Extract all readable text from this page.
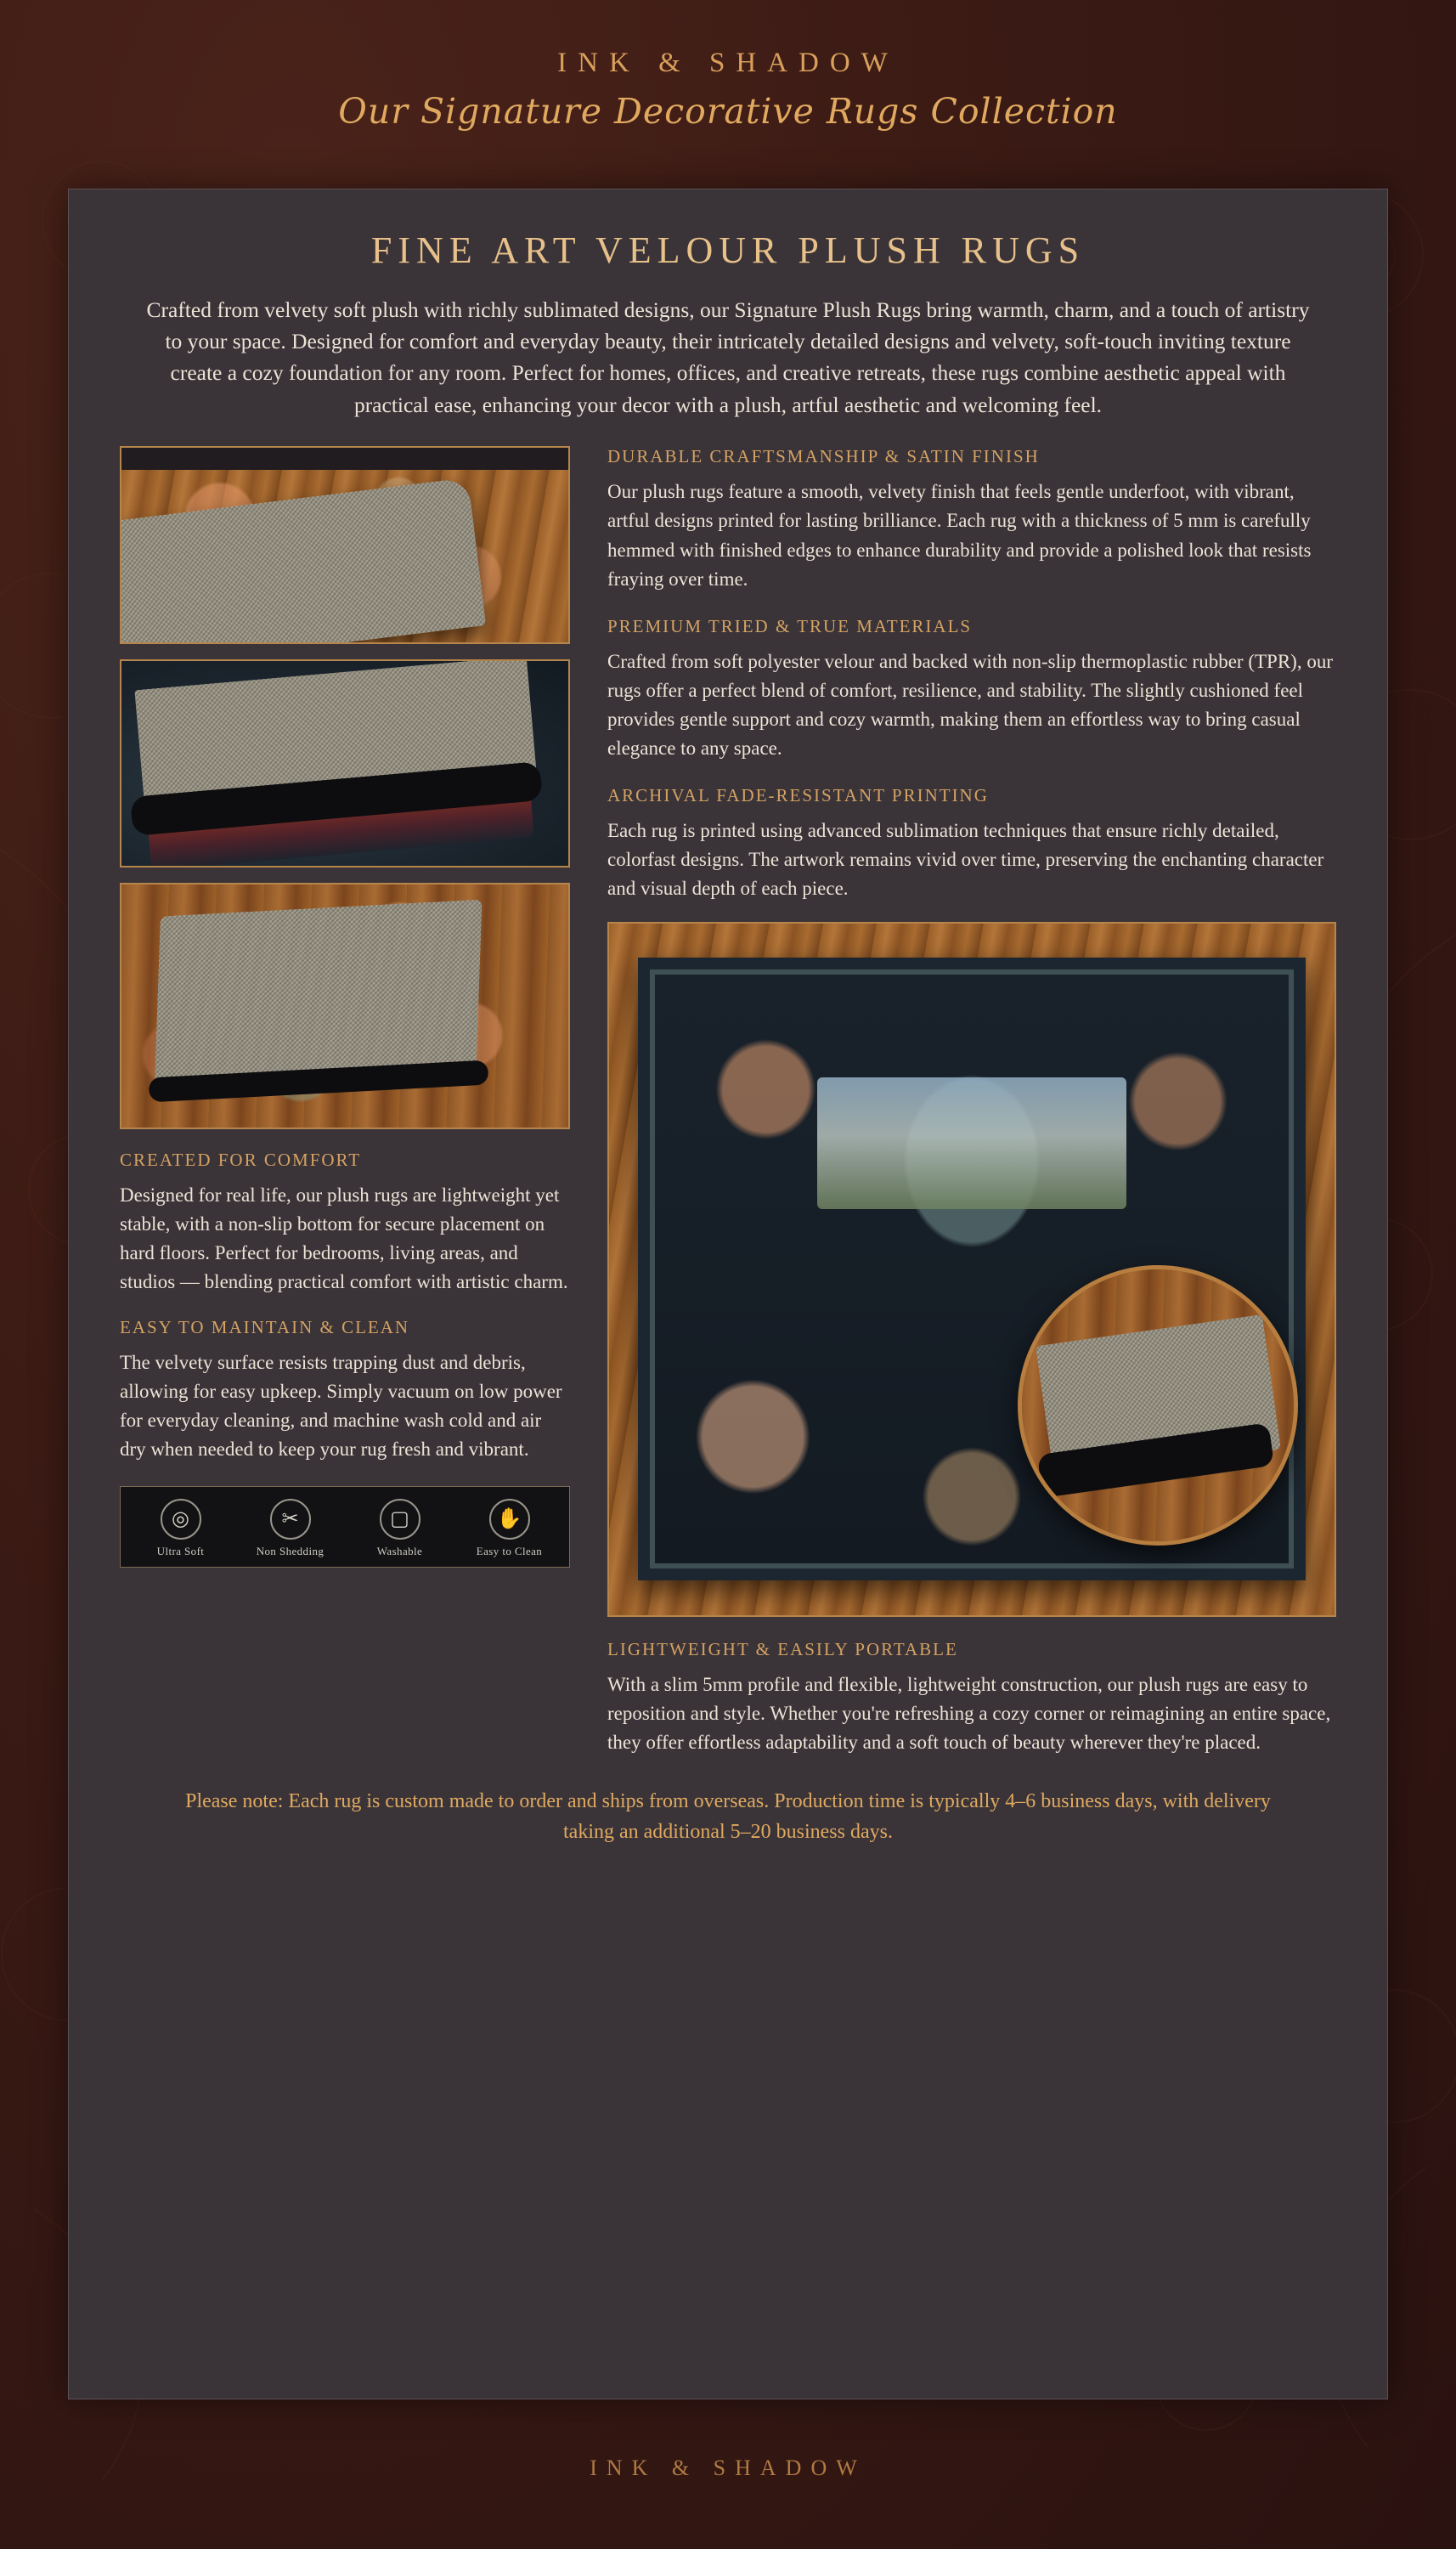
INK & SHADOW
Our Signature Decorative Rugs Collection
FINE ART VELOUR PLUSH RUGS

Crafted from velvety soft plush with richly sublimated designs, our Signature Plush Rugs bring warmth, charm, and a touch of artistry to your space. Designed for comfort and everyday beauty, their intricately detailed designs and velvety, soft-touch inviting texture create a cozy foundation for any room. Perfect for homes, offices, and creative retreats, these rugs combine aesthetic appeal with practical ease, enhancing your decor with a plush, artful aesthetic and welcoming feel.

•
•
CREATED FOR COMFORT

Designed for real life, our plush rugs are lightweight yet stable, with a non-slip bottom for secure placement on hard floors. Perfect for bedrooms, living areas, and studios — blending practical comfort with artistic charm.

EASY TO MAINTAIN & CLEAN

The velvety surface resists trapping dust and debris, allowing for easy upkeep. Simply vacuum on low power for everyday cleaning, and machine wash cold and air dry when needed to keep your rug fresh and vibrant.

◎
Ultra Soft
✂
Non Shedding
▢
Washable
✋
Easy to Clean
DURABLE CRAFTSMANSHIP & SATIN FINISH

Our plush rugs feature a smooth, velvety finish that feels gentle underfoot, with vibrant, artful designs printed for lasting brilliance. Each rug with a thickness of 5 mm is carefully hemmed with finished edges to enhance durability and provide a polished look that resists fraying over time.

PREMIUM TRIED & TRUE MATERIALS

Crafted from soft polyester velour and backed with non-slip thermoplastic rubber (TPR), our rugs offer a perfect blend of comfort, resilience, and stability. The slightly cushioned feel provides gentle support and cozy warmth, making them an effortless way to bring casual elegance to any space.

ARCHIVAL FADE-RESISTANT PRINTING

Each rug is printed using advanced sublimation techniques that ensure richly detailed, colorfast designs. The artwork remains vivid over time, preserving the enchanting character and visual depth of each piece.

LIGHTWEIGHT & EASILY PORTABLE

With a slim 5mm profile and flexible, lightweight construction, our plush rugs are easy to reposition and style. Whether you're refreshing a cozy corner or reimagining an entire space, they offer effortless adaptability and a soft touch of beauty wherever they're placed.

Please note: Each rug is custom made to order and ships from overseas. Production time is typically 4–6 business days, with delivery taking an additional 5–20 business days.

INK & SHADOW
